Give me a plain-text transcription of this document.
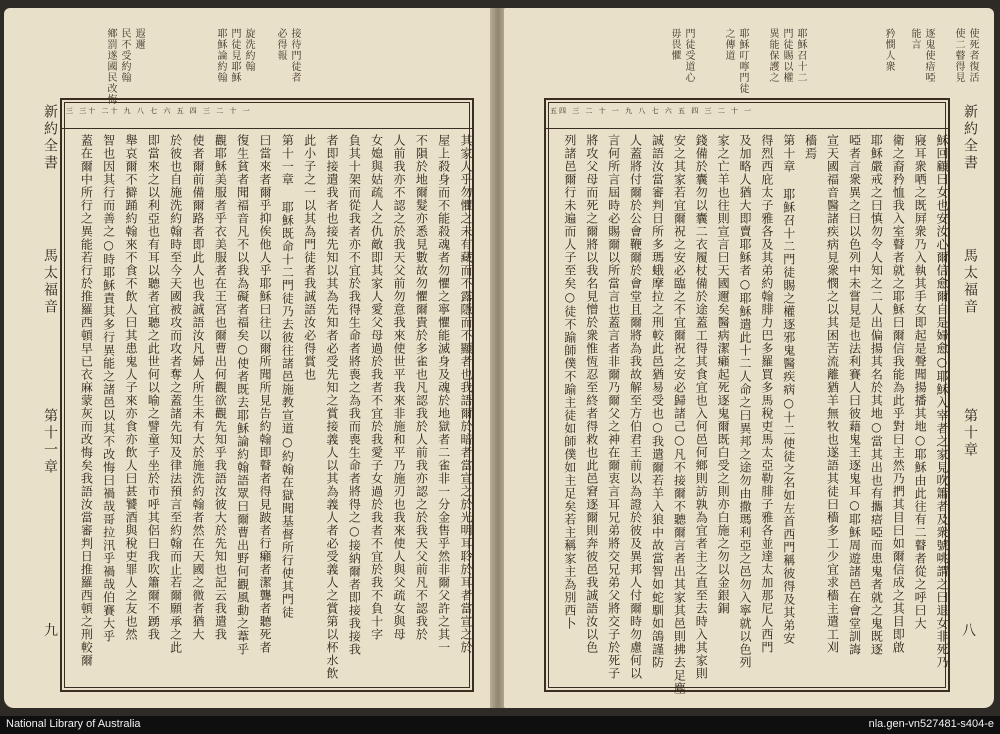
必得報 接待門徒者
耶穌論約翰 門徒見耶穌 旋洗約翰
鄉罰遂國民改悔 民不受約翰 遐邇
新約全書
馬太福音
第十一章
九
三 三十 二十 九 八 七 六 五 四 三 二 十 一
其家人乎勿懼之未有藏而不露隱而不顯者也我語爾於暗者當宣之於光明耳聆於耳者當宣之於
屋上殺身而不能殺魂者勿懼之寧懼能滅身及魂於地獄者二雀非一分金售乎然非爾父許之其一
不隕於地爾髮亦悉見數故勿懼爾貴於多雀也凡認我於人前我亦認之於我天父前凡不認我於
人前我亦不認之於我天父前勿意我來使世平我來非施和平乃施刃也我來使人與父疏女與母
女媳與姑疏人之仇敵即其家人愛父母過於我者不宜於我愛子女過於我者不宜於我不負十字
負其十架而從我者亦不宜於我得生命者將喪之為我而喪生命者將得之○接納爾者即接我接我
者即接遣我者也接先知以其為先知者必受先知之賞接義人以其為義人者必受義人之賞第以杯水飲
此小子之一以其為門徒者我誠語汝必得賞也
第十一章 耶穌既命十二門徒乃去彼往諸邑施教宣道○約翰在獄聞基督所行使其門徒
曰當來者爾乎抑俟他人乎耶穌曰往以爾所聞所見告約翰即瞽者得見跛者行癩者潔聾者聽死者
復生貧者聞福音凡不以我為礙者福矣○使者既去耶穌論約翰語眾曰爾曹出野何觀風動之葦乎
觀耶穌美服者乎衣美服者在王宮也爾曹出何觀欲觀先知乎我語汝彼大於先知也記云我遣我
使者爾前備爾路者即此人也我誠語汝凡婦人所生未有大於施洗約翰者然在天國之微者猶大
於彼也自施洗約翰時至今天國被攻而攻者奪之蓋諸先知及律法預言至約翰而止若爾願承之此
即當來之以利亞也有耳以聽者宜聽之此世何以喻之譬童子坐於市呼其侶曰我吹簫爾不踴我
舉哀爾不擗踊約翰來不食不飲人曰其患鬼人子來亦食亦飲人曰甚饕酒與稅吏罪人之友也然
智也因其行而善之○時耶穌責其多行異能之諸邑以其不改悔曰禍哉哥拉汛乎禍哉伯賽大乎
蓋在爾中所行之異能若行於推羅西頓早已衣麻蒙灰而改悔矣我語汝當審判日推羅西頓之刑較爾
使死者復活
使二瞽得見
逐鬼使瘖啞
能言
矜憫人衆
耶穌召十二
門徒賜以權
異能保護之
耶穌叮嚀門徒
之傳道
門徒受道心
毋畏懼
新約全書
馬太福音
第十章
八
五四 三 二 十 一 九 八 七 六 五 四 三 二 十 一
穌回顧曰女也安汝心爾信愈爾自是婦愈○耶穌入宰者之家見吹簫者及衆號咷謂之曰退女非死乃
寢耳衆哂之既屛衆乃入執其手女即起是聲聞揚播其地○耶穌由此往有二瞽者從之呼曰大
衛之裔矜恤我入室瞽者就之耶穌曰爾信我能為此乎對曰主然乃捫其目曰如爾信成之其目即啟
耶穌嚴戒之曰慎勿令人知之二人出偏揚其名於其地○當其出也有攜瘖啞而患鬼者就之鬼既逐
啞者言衆異之曰以色列中未嘗見是也法利賽人曰彼藉鬼王逐鬼耳○耶穌周遊諸邑在會堂訓誨
宣天國福音醫諸疾病見衆憫之以其困苦流離猶羊無牧也遂語其徒曰穡多工少宜求穡主遣工刈
穡焉
第十章 耶穌召十二門徒賜之權逐邪鬼醫疾病○十二使徒之名如左首西門稱彼得及其弟安
得烈西庇太子雅各及其弟約翰腓力巴多羅買多馬稅吏馬太亞勒腓子雅各並達太加那尼人西門
及加略人猶大即賣耶穌者○耶穌遣此十二人命之曰異邦之途勿由撒瑪利亞之邑勿入寧就以色列
家之亡羊也往則宣言曰天國邇矣醫病潔癩起死逐鬼爾既白受之則亦白施之勿以金銀銅
錢備於囊勿以囊二衣履杖備於途蓋工得其食宜也入何邑何鄉則訪孰為宜者主之直至去時入其家則
安之其家若宜爾祝之安必臨之不宜爾祝之安必歸諸己○凡不接爾不聽爾言者出其家其邑則拂去足塵
誠語汝當審判日所多瑪蛾摩拉之刑較此邑猶易受也○我遣爾若羊入狼中故當智如蛇馴如鴿謹防
人蓋將付爾於公會鞭爾於會堂且爾將為我故解至方伯君王前以為證於彼及異邦人付爾時勿慮何以
言何所言屆時必賜爾以所當言也蓋言者非爾乃爾父之神在爾衷言耳兄弟將交兄弟父將交子於死子
將攻父母而死之爾將以我名見憎於衆惟恆忍至終者得救也此邑窘逐爾則奔彼邑我誠語汝以色
列諸邑爾行未遍而人子至矣○徒不踰師僕不踰主徒如師僕如主足矣若主稱家主為別西卜
National Library of Australia	nla.gen-vn527481-s404-e
